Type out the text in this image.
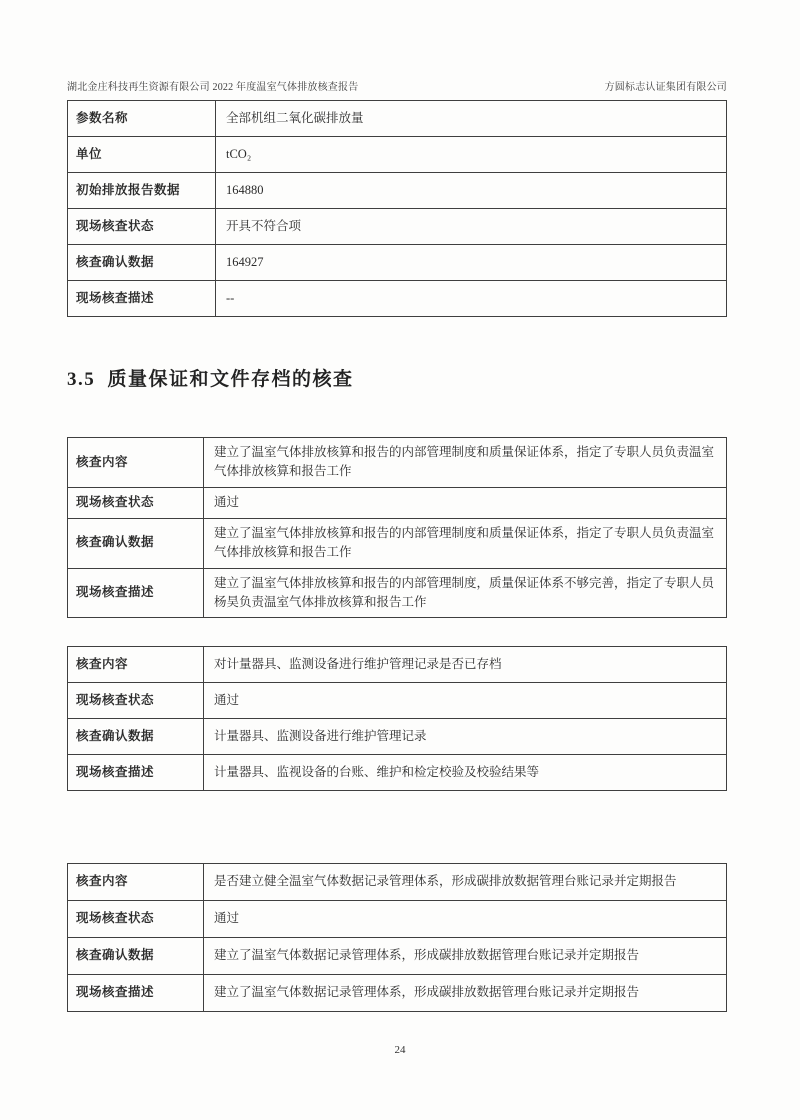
湖北金庄科技再生资源有限公司 2022 年度温室气体排放核查报告	方圆标志认证集团有限公司
参数名称	全部机组二氧化碳排放量
单位	tCO₂
初始排放报告数据	164880
现场核查状态	开具不符合项
核查确认数据	164927
现场核查描述	--
3.5 质量保证和文件存档的核查
核查内容	建立了温室气体排放核算和报告的内部管理制度和质量保证体系，指定了专职人员负责温室气体排放核算和报告工作
现场核查状态	通过
核查确认数据	建立了温室气体排放核算和报告的内部管理制度和质量保证体系，指定了专职人员负责温室气体排放核算和报告工作
现场核查描述	建立了温室气体排放核算和报告的内部管理制度，质量保证体系不够完善，指定了专职人员杨昊负责温室气体排放核算和报告工作
核查内容	对计量器具、监测设备进行维护管理记录是否已存档
现场核查状态	通过
核查确认数据	计量器具、监测设备进行维护管理记录
现场核查描述	计量器具、监视设备的台账、维护和检定校验及校验结果等
核查内容	是否建立健全温室气体数据记录管理体系，形成碳排放数据管理台账记录并定期报告
现场核查状态	通过
核查确认数据	建立了温室气体数据记录管理体系，形成碳排放数据管理台账记录并定期报告
现场核查描述	建立了温室气体数据记录管理体系，形成碳排放数据管理台账记录并定期报告
24
